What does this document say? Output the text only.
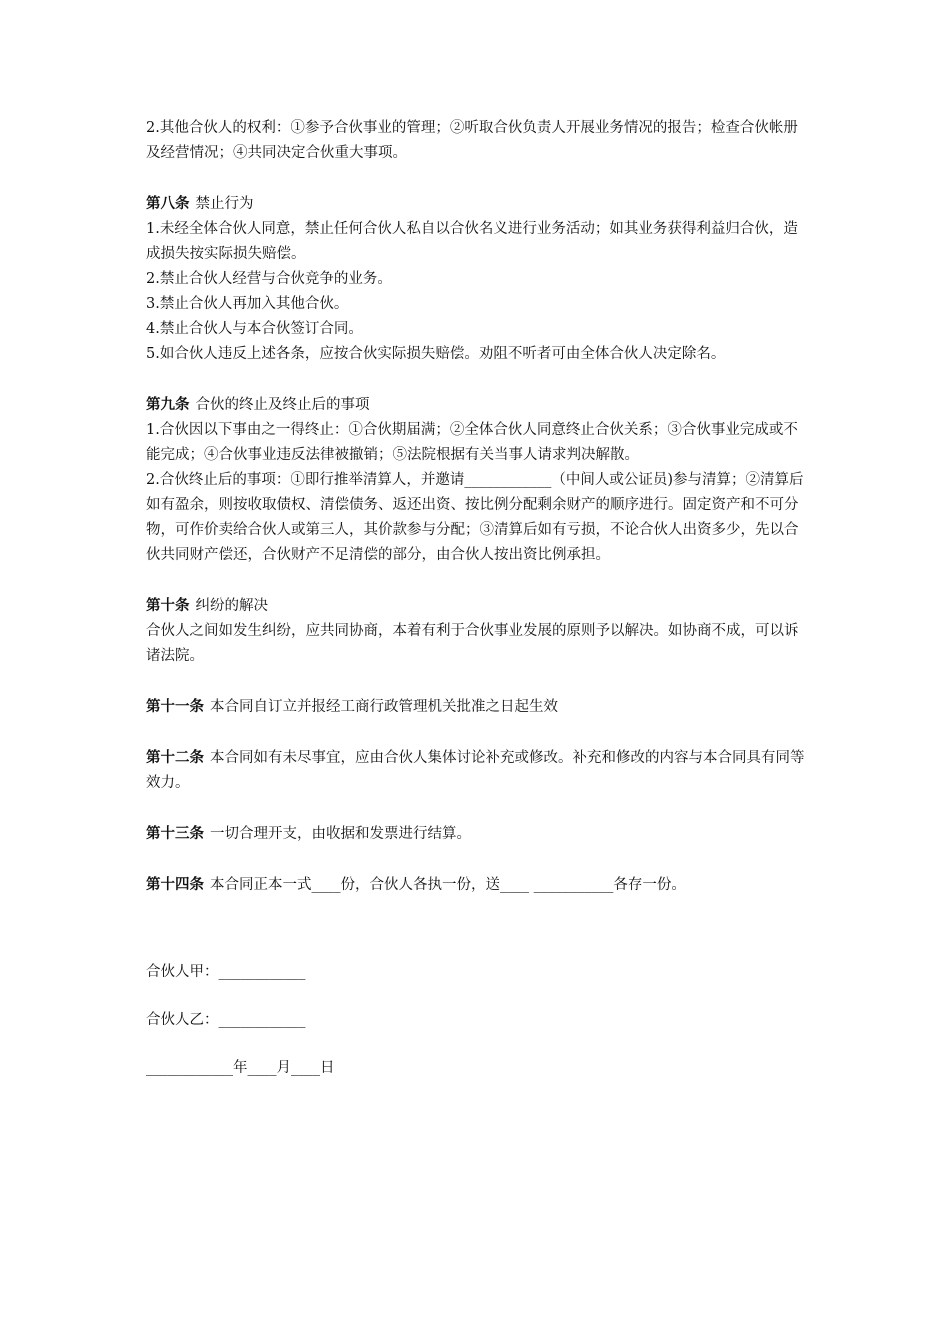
2.其他合伙人的权利：①参予合伙事业的管理；②听取合伙负责人开展业务情况的报告；检查合伙帐册及经营情况；④共同决定合伙重大事项。

第八条 禁止行为

1.未经全体合伙人同意，禁止任何合伙人私自以合伙名义进行业务活动；如其业务获得利益归合伙，造成损失按实际损失赔偿。

2.禁止合伙人经营与合伙竞争的业务。

3.禁止合伙人再加入其他合伙。

4.禁止合伙人与本合伙签订合同。

5.如合伙人违反上述各条，应按合伙实际损失赔偿。劝阻不听者可由全体合伙人决定除名。

第九条 合伙的终止及终止后的事项

1.合伙因以下事由之一得终止：①合伙期届满；②全体合伙人同意终止合伙关系；③合伙事业完成或不能完成；④合伙事业违反法律被撤销；⑤法院根据有关当事人请求判决解散。

2.合伙终止后的事项：①即行推举清算人，并邀请____________（中间人或公证员)参与清算；②清算后如有盈余，则按收取债权、清偿债务、返还出资、按比例分配剩余财产的顺序进行。固定资产和不可分物，可作价卖给合伙人或第三人，其价款参与分配；③清算后如有亏损，不论合伙人出资多少，先以合伙共同财产偿还，合伙财产不足清偿的部分，由合伙人按出资比例承担。

第十条 纠纷的解决

合伙人之间如发生纠纷，应共同协商，本着有利于合伙事业发展的原则予以解决。如协商不成，可以诉诸法院。

第十一条 本合同自订立并报经工商行政管理机关批准之日起生效

第十二条 本合同如有未尽事宜，应由合伙人集体讨论补充或修改。补充和修改的内容与本合同具有同等效力。

第十三条 一切合理开支，由收据和发票进行结算。

第十四条 本合同正本一式____份，合伙人各执一份，送____ ___________各存一份。

合伙人甲：____________

合伙人乙：____________

____________年____月____日
